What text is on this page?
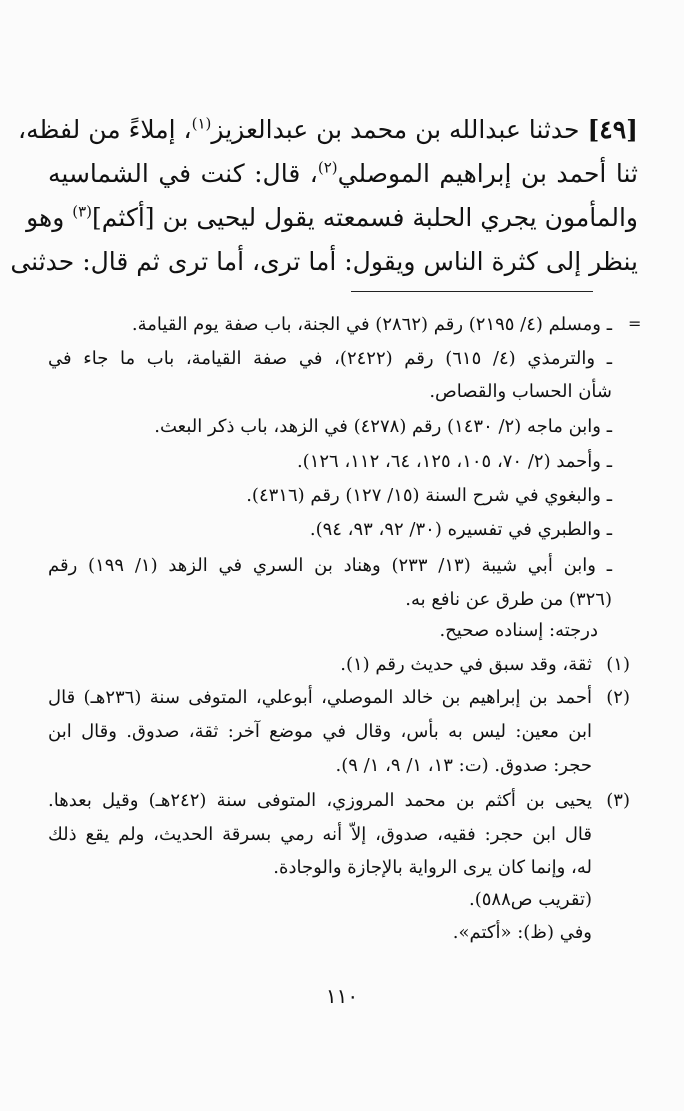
[٤٩] حدثنا عبدالله بن محمد بن عبدالعزيز$^{(١)}$، إملاءً من لفظه،
ثنا أحمد بن إبراهيم الموصلي$^{(٢)}$، قال: كنت في الشماسيه
والمأمون يجري الحلبة فسمعته يقول ليحيى بن [أكثم]$^{(٣)}$ وهو
ينظر إلى كثرة الناس ويقول: أما ترى، أما ترى ثم قال: حدثنى
=
ـ ومسلم (٤/ ٢١٩٥) رقم (٢٨٦٢) في الجنة، باب صفة يوم القيامة.
ـ والترمذي (٤/ ٦١٥) رقم (٢٤٢٢)، في صفة القيامة، باب ما جاء في
شأن الحساب والقصاص.
ـ وابن ماجه (٢/ ١٤٣٠) رقم (٤٢٧٨) في الزهد، باب ذكر البعث.
ـ وأحمد (٢/ ٧٠، ١٠٥، ١٢٥، ٦٤، ١١٢، ١٢٦).
ـ والبغوي في شرح السنة (١٥/ ١٢٧) رقم (٤٣١٦).
ـ والطبري في تفسيره (٣٠/ ٩٢، ٩٣، ٩٤).
ـ وابن أبي شيبة (١٣/ ٢٣٣) وهناد بن السري في الزهد (١/ ١٩٩) رقم
(٣٢٦) من طرق عن نافع به.
درجته: إسناده صحيح.
(١)
ثقة، وقد سبق في حديث رقم (١).
(٢)
أحمد بن إبراهيم بن خالد الموصلي، أبوعلي، المتوفى سنة (٢٣٦هـ) قال
ابن معين: ليس به بأس، وقال في موضع آخر: ثقة، صدوق. وقال ابن
حجر: صدوق. (ت: ١٣، ١/ ٩، ١/ ٩).
(٣)
يحيى بن أكثم بن محمد المروزي، المتوفى سنة (٢٤٢هـ) وقيل بعدها.
قال ابن حجر: فقيه، صدوق، إلاّ أنه رمي بسرقة الحديث، ولم يقع ذلك
له، وإنما كان يرى الرواية بالإجازة والوجادة.
(تقريب ص٥٨٨).
وفي (ظ): «أكتم».
١١٠
